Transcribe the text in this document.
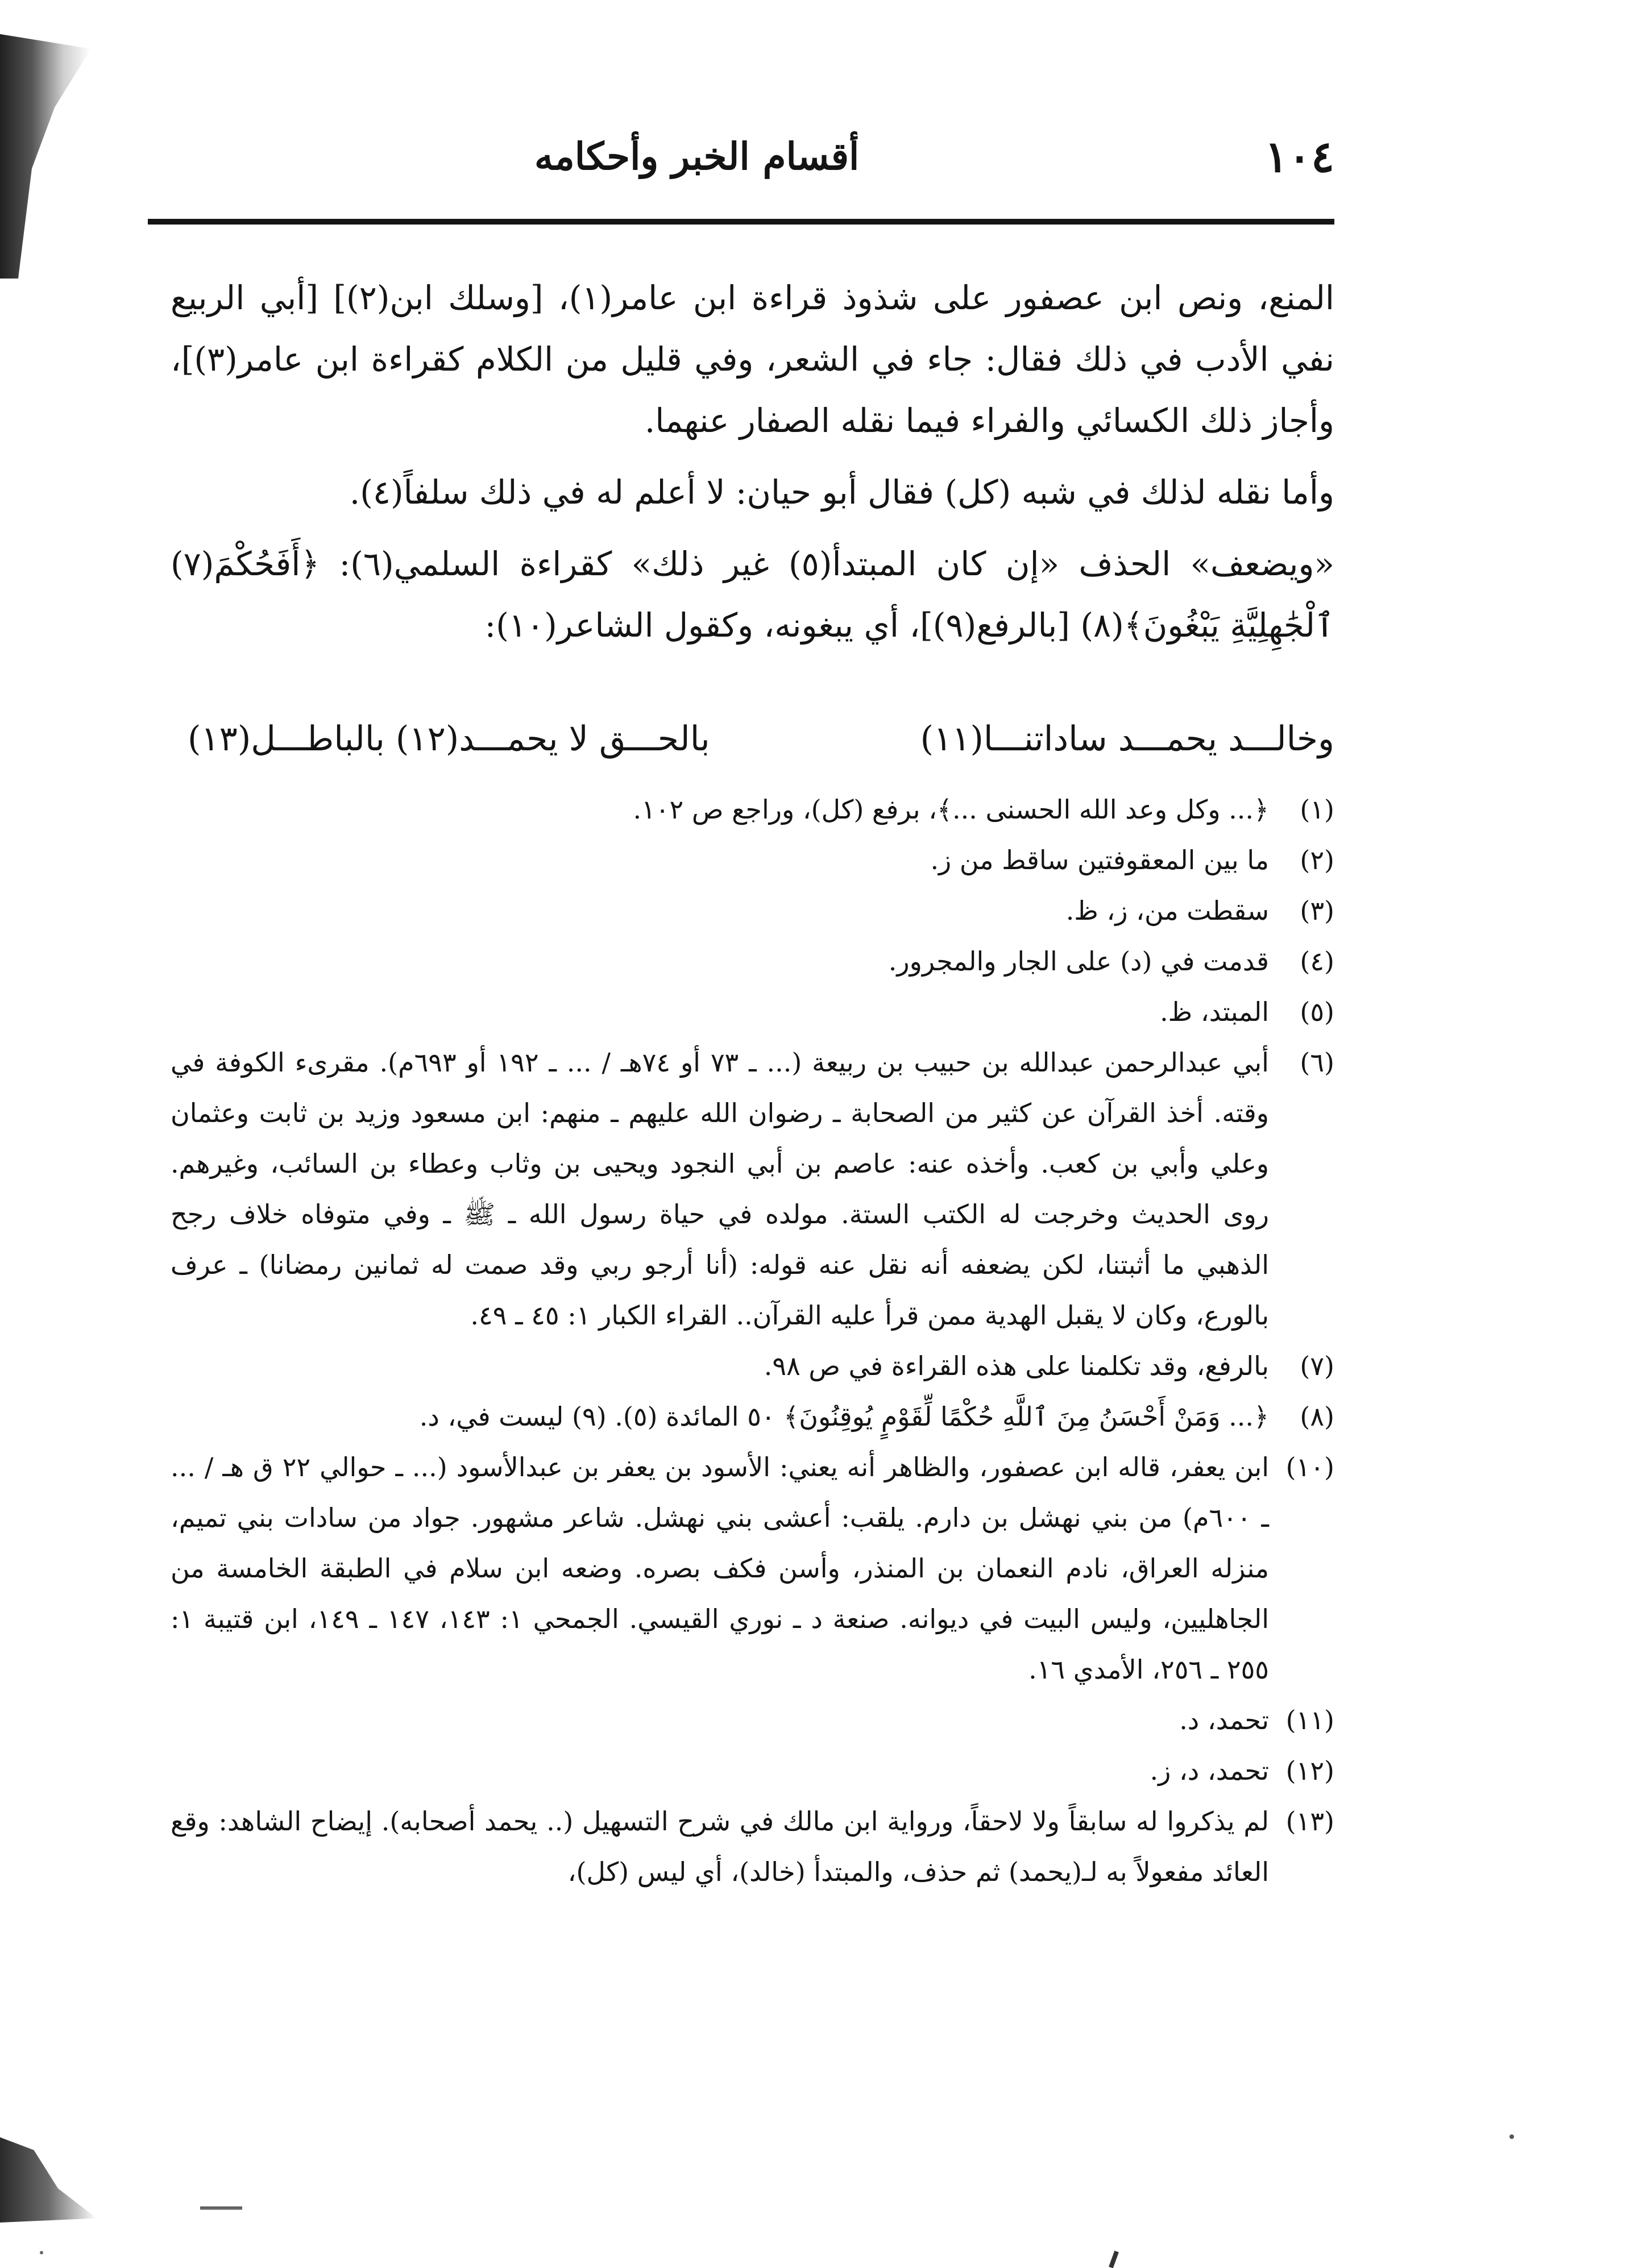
١٠٤
أقسام الخبر وأحكامه

المنع، ونص ابن عصفور على شذوذ قراءة ابن عامر(١)، [وسلك ابن(٢)] [أبي الربيع نفي الأدب في ذلك فقال: جاء في الشعر، وفي قليل من الكلام كقراءة ابن عامر(٣)]، وأجاز ذلك الكسائي والفراء فيما نقله الصفار عنهما.

وأما نقله لذلك في شبه (كل) فقال أبو حيان: لا أعلم له في ذلك سلفاً(٤).

«ويضعف» الحذف «إن كان المبتدأ(٥) غير ذلك» كقراءة السلمي(٦): ﴿أَفَحُكْمَ(٧) ٱلْجَٰهِلِيَّةِ يَبْغُونَ﴾(٨) [بالرفع(٩)]، أي يبغونه، وكقول الشاعر(١٠):

وخالـــد يحمـــد ساداتنـــا(١١)
بالحـــق لا يحمـــد(١٢) بالباطـــل(١٣)
(١)
﴿... وكل وعد الله الحسنى ...﴾، برفع (كل)، وراجع ص ١٠٢.
(٢)
ما بين المعقوفتين ساقط من ز.
(٣)
سقطت من، ز، ظ.
(٤)
قدمت في (د) على الجار والمجرور.
(٥)
المبتد، ظ.
(٦)
أبي عبدالرحمن عبدالله بن حبيب بن ربيعة (... ـ ٧٣ أو ٧٤هـ / ... ـ ١٩٢ أو ٦٩٣م). مقرىء الكوفة في وقته. أخذ القرآن عن كثير من الصحابة ـ رضوان الله عليهم ـ منهم: ابن مسعود وزيد بن ثابت وعثمان وعلي وأبي بن كعب. وأخذه عنه: عاصم بن أبي النجود ويحيى بن وثاب وعطاء بن السائب، وغيرهم. روى الحديث وخرجت له الكتب الستة. مولده في حياة رسول الله ـ ﷺ ـ وفي متوفاه خلاف رجح الذهبي ما أثبتنا، لكن يضعفه أنه نقل عنه قوله: (أنا أرجو ربي وقد صمت له ثمانين رمضانا) ـ عرف بالورع، وكان لا يقبل الهدية ممن قرأ عليه القرآن.. القراء الكبار ١: ٤٥ ـ ٤٩.
(٧)
بالرفع، وقد تكلمنا على هذه القراءة في ص ٩٨.
(٨)
﴿... وَمَنْ أَحْسَنُ مِنَ ٱللَّهِ حُكْمًا لِّقَوْمٍ يُوقِنُونَ﴾ ٥٠ المائدة (٥). (٩) ليست في، د.
(١٠)
ابن يعفر، قاله ابن عصفور، والظاهر أنه يعني: الأسود بن يعفر بن عبدالأسود (... ـ حوالي ٢٢ ق هـ / ... ـ ٦٠٠م) من بني نهشل بن دارم. يلقب: أعشى بني نهشل. شاعر مشهور. جواد من سادات بني تميم، منزله العراق، نادم النعمان بن المنذر، وأسن فكف بصره. وضعه ابن سلام في الطبقة الخامسة من الجاهليين، وليس البيت في ديوانه. صنعة د ـ نوري القيسي. الجمحي ١: ١٤٣، ١٤٧ ـ ١٤٩، ابن قتيبة ١: ٢٥٥ ـ ٢٥٦، الأمدي ١٦.
(١١)
تحمد، د.
(١٢)
تحمد، د، ز.
(١٣)
لم يذكروا له سابقاً ولا لاحقاً، ورواية ابن مالك في شرح التسهيل (.. يحمد أصحابه). إيضاح الشاهد: وقع العائد مفعولاً به لـ(يحمد) ثم حذف، والمبتدأ (خالد)، أي ليس (كل)،
